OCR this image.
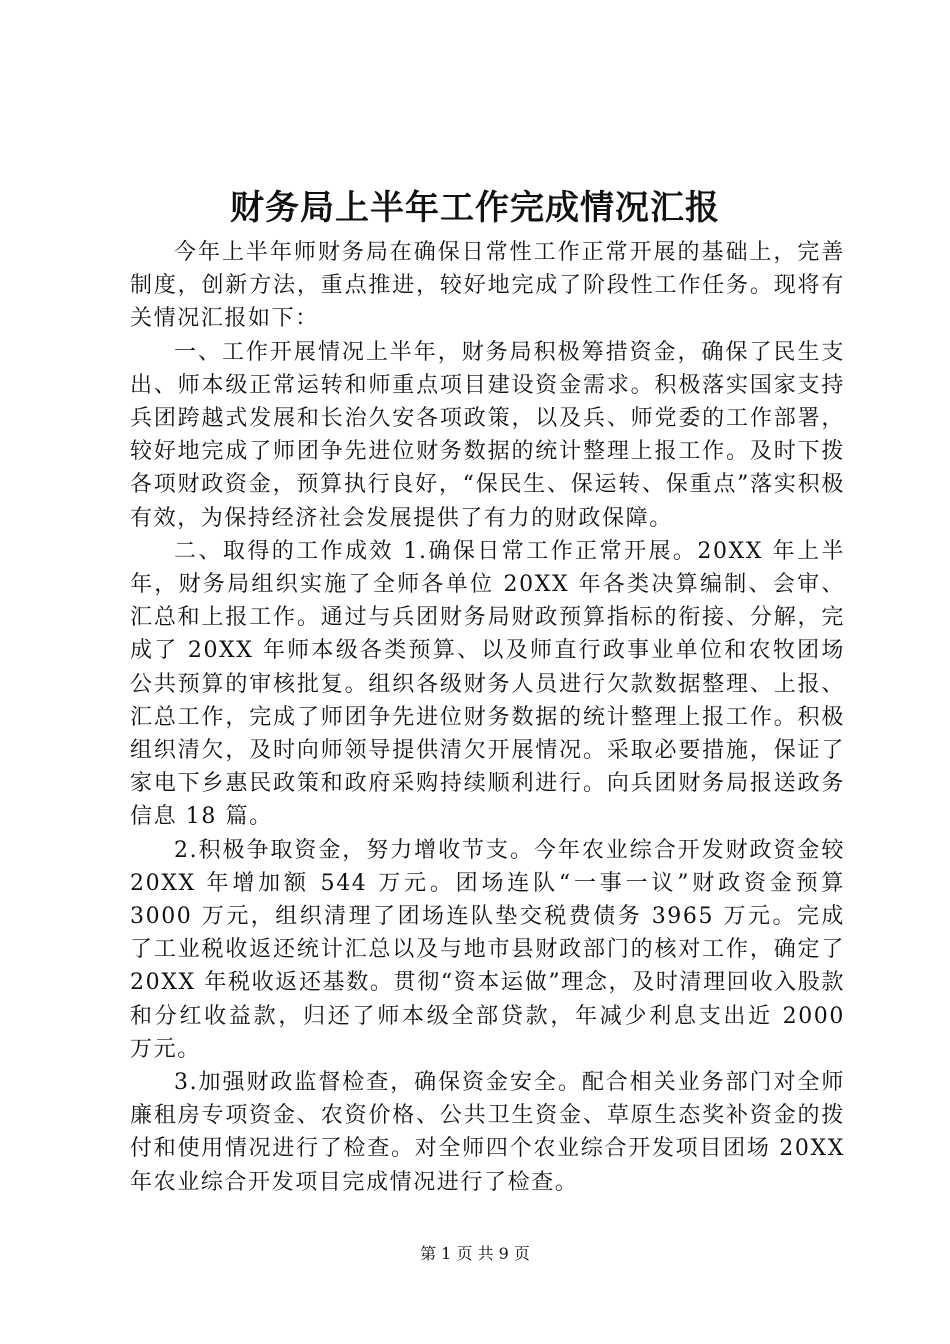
财务局上半年工作完成情况汇报

今年上半年师财务局在确保日常性工作正常开展的基础上，完善制度，创新方法，重点推进，较好地完成了阶段性工作任务。现将有关情况汇报如下：

一、工作开展情况上半年，财务局积极筹措资金，确保了民生支出、师本级正常运转和师重点项目建设资金需求。积极落实国家支持兵团跨越式发展和长治久安各项政策，以及兵、师党委的工作部署，较好地完成了师团争先进位财务数据的统计整理上报工作。及时下拨各项财政资金，预算执行良好，“保民生、保运转、保重点”落实积极有效，为保持经济社会发展提供了有力的财政保障。

二、取得的工作成效 1.确保日常工作正常开展。20XX 年上半年，财务局组织实施了全师各单位 20XX 年各类决算编制、会审、汇总和上报工作。通过与兵团财务局财政预算指标的衔接、分解，完成了 20XX 年师本级各类预算、以及师直行政事业单位和农牧团场公共预算的审核批复。组织各级财务人员进行欠款数据整理、上报、汇总工作，完成了师团争先进位财务数据的统计整理上报工作。积极组织清欠，及时向师领导提供清欠开展情况。采取必要措施，保证了家电下乡惠民政策和政府采购持续顺利进行。向兵团财务局报送政务信息 18 篇。

2.积极争取资金，努力增收节支。今年农业综合开发财政资金较 20XX 年增加额 544 万元。团场连队“一事一议”财政资金预算 3000 万元，组织清理了团场连队垫交税费债务 3965 万元。完成了工业税收返还统计汇总以及与地市县财政部门的核对工作，确定了 20XX 年税收返还基数。贯彻“资本运做”理念，及时清理回收入股款和分红收益款，归还了师本级全部贷款，年减少利息支出近 2000 万元。

3.加强财政监督检查，确保资金安全。配合相关业务部门对全师廉租房专项资金、农资价格、公共卫生资金、草原生态奖补资金的拨付和使用情况进行了检查。对全师四个农业综合开发项目团场 20XX 年农业综合开发项目完成情况进行了检查。

第 1 页 共 9 页
